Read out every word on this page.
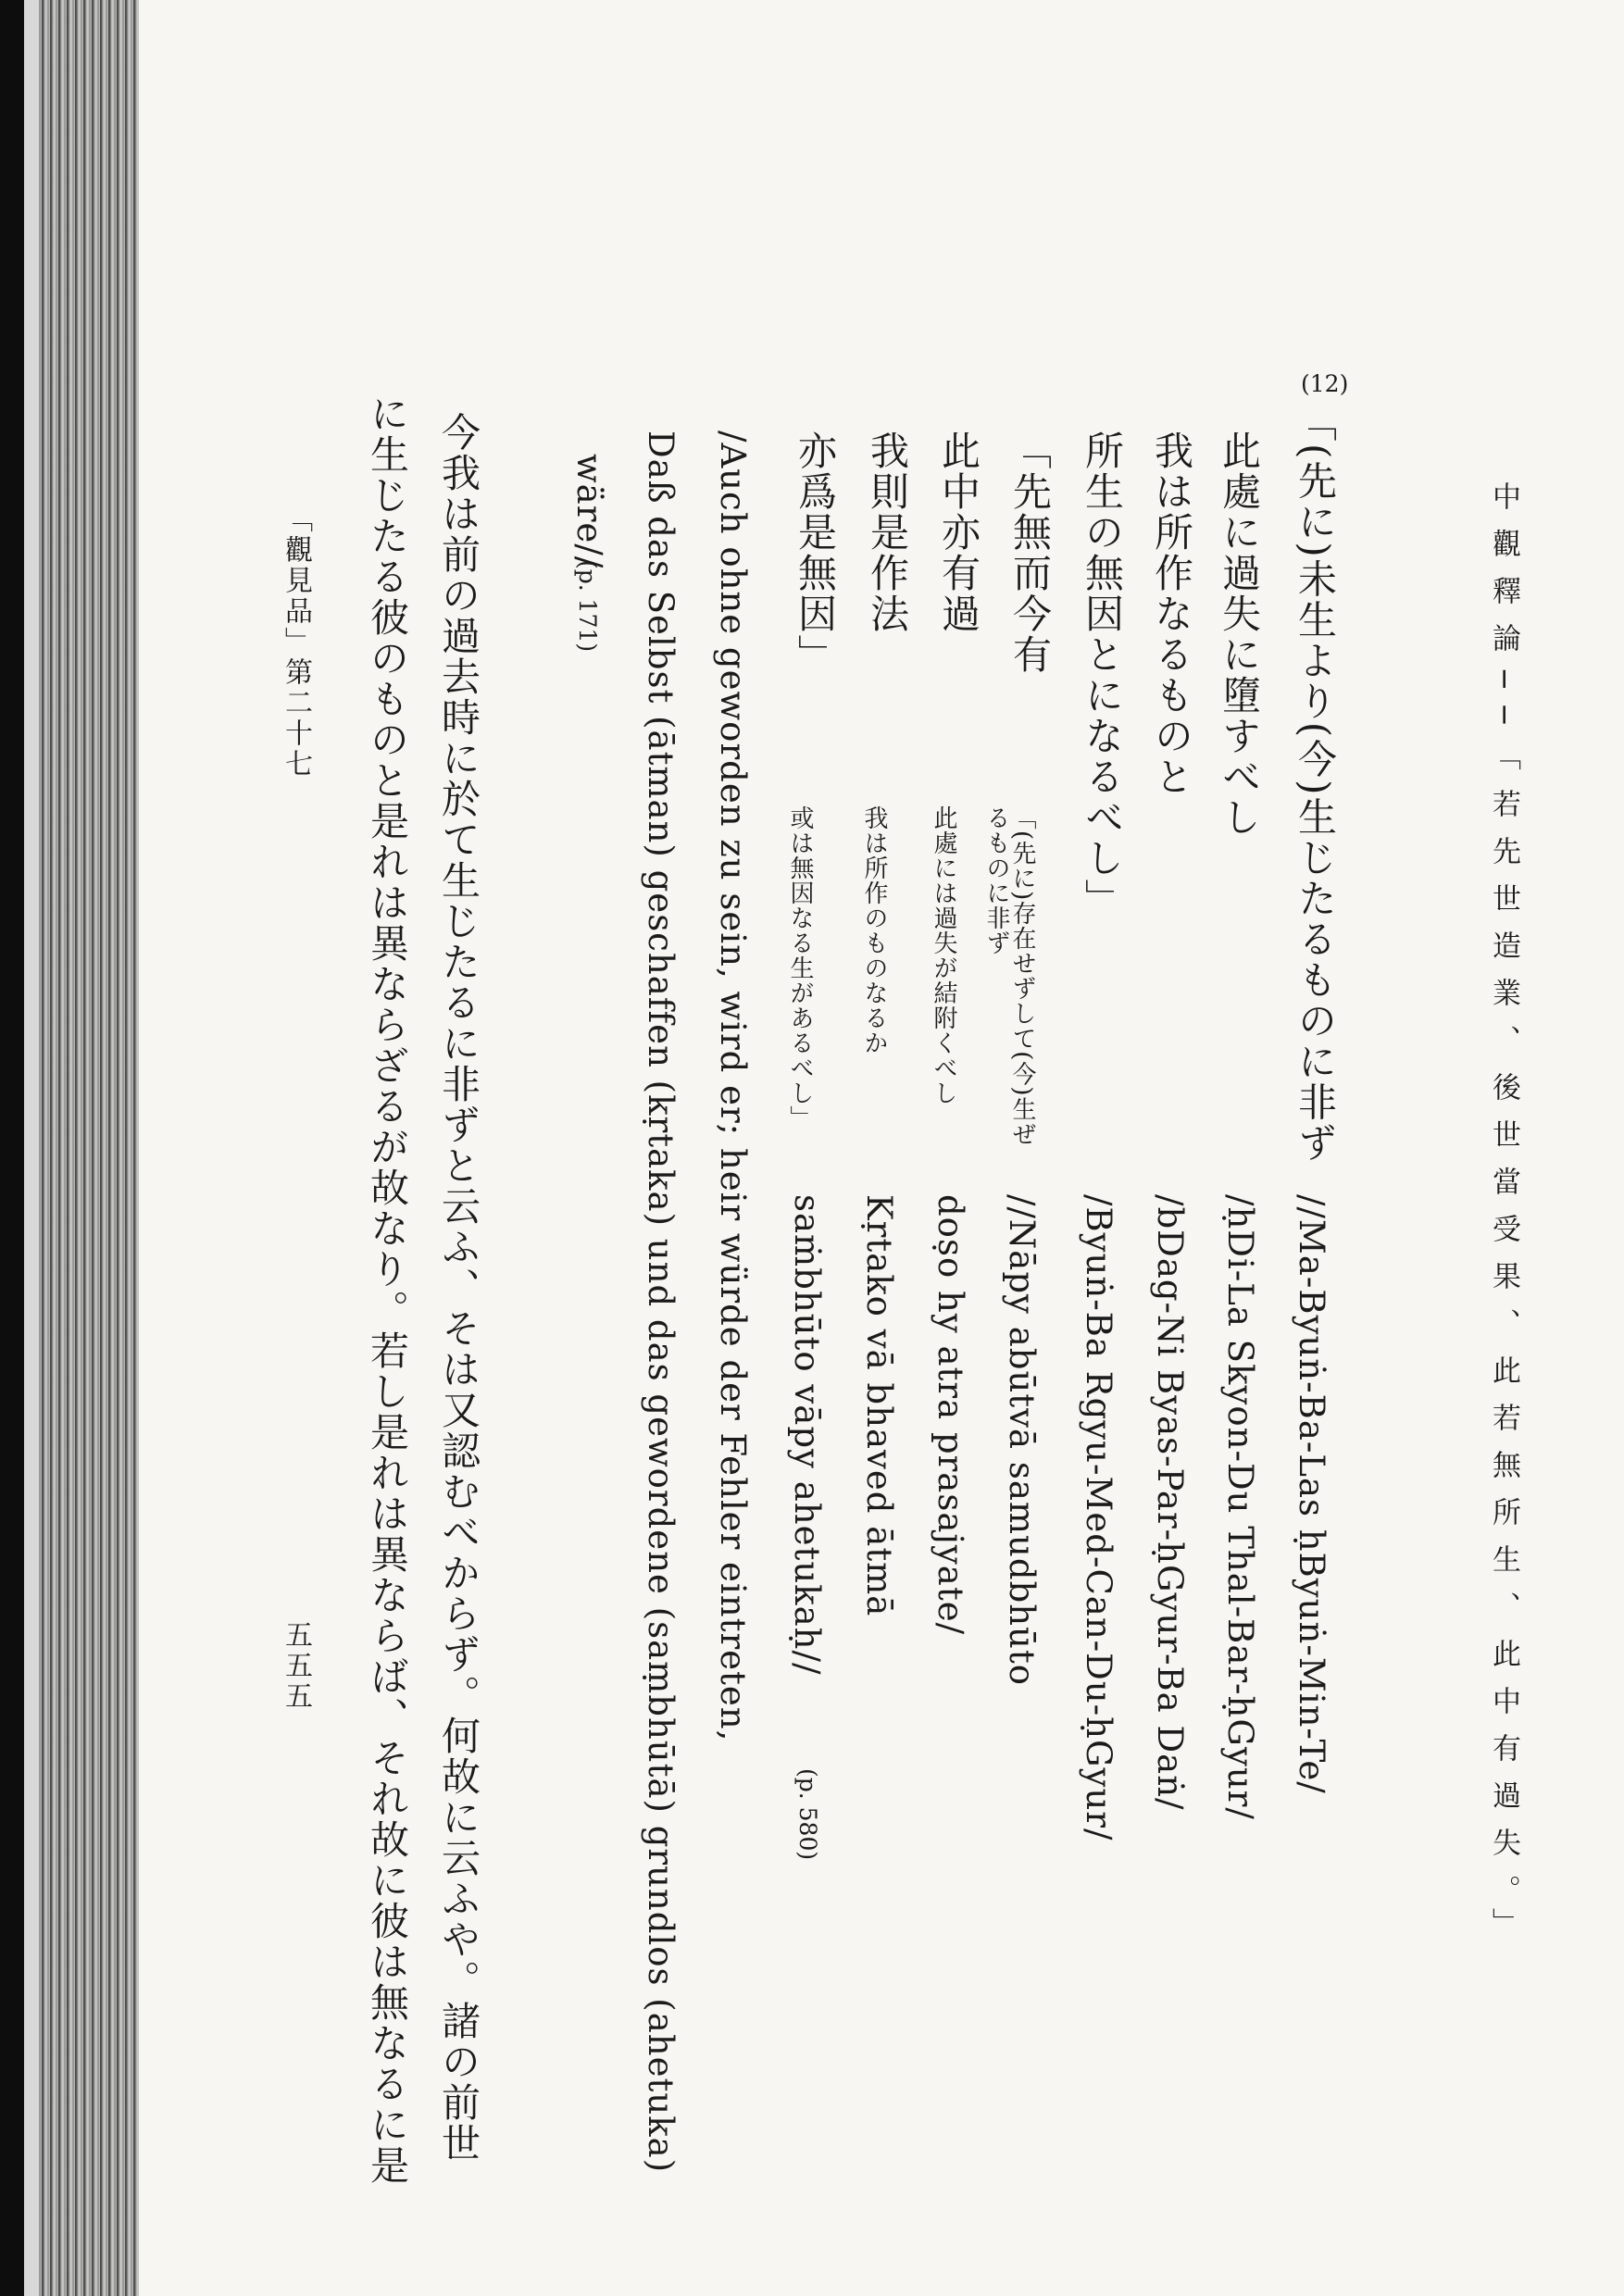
中觀釋論──「若先世造業、後世當受果、此若無所生、此中有過失。」
(12)
「(先に)未生より(今)生じたるものに非ず
此處に過失に墮すべし
我は所作なるものと
所生の無因とになるべし」
//Ma-Byuṅ-Ba-Las ḥByuṅ-Min-Te/
/ḥDi-La Skyon-Du Thal-Bar-ḥGyur/
/bDag-Ni Byas-Par-ḥGyur-Ba Daṅ/
/Byuṅ-Ba Rgyu-Med-Can-Du-ḥGyur/
「先無而今有
此中亦有過
我則是作法
亦爲是無因」
「(先に)存在せずして(今)生ぜ
るものに非ず
此處には過失が結附くべし
我は所作のものなるか
或は無因なる生があるべし」
//Nāpy abūtvā samudbhūto
doṣo hy atra prasajyate/
Kṛtako vā bhaved ātmā
saṁbhūto vāpy ahetukaḥ//
(p. 580)
/Auch ohne geworden zu sein, wird er; heir würde der Fehler eintreten,
Daß das Selbst (ātman) geschaffen (kṛtaka) und das gewordene (saṃbhūtā) grundlos (ahetuka)
wäre//
(p. 171)
今我は前の過去時に於て生じたるに非ずと云ふ、そは又認むべからず。何故に云ふや。諸の前世
に生じたる彼のものと是れは異ならざるが故なり。若し是れは異ならば、それ故に彼は無なるに是
「觀見品」第二十七
五五五
